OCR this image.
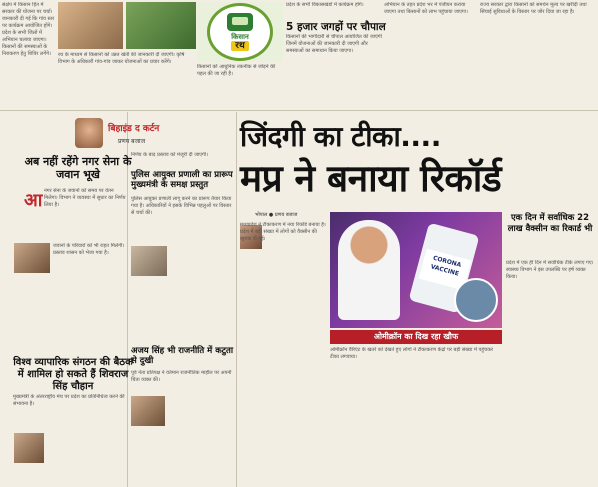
संक्षेप में किसान हित में सरकार की योजना पर चर्चा। जानकारी दी गई कि गांव स्तर पर कार्यक्रम आयोजित होंगे। प्रदेश के सभी जिलों में अभियान चलाया जाएगा। किसानों की समस्याओं के निराकरण हेतु शिविर लगेंगे।	रथ के माध्यम से किसानों को उन्नत खेती की जानकारी दी जाएगी। कृषि विभाग के अधिकारी गांव-गांव जाकर योजनाओं का प्रचार करेंगे।
किसान
रथ
किसानों को आधुनिक तकनीक से जोड़ने की पहल की जा रही है।
प्रदेश के सभी विकासखंडों में कार्यक्रम होंगे।
5 हजार जगहों पर चौपाल
किसानों की भागीदारी से चौपाल आयोजित की जाएंगी जिनमें योजनाओं की जानकारी दी जाएगी और समस्याओं का समाधान किया जाएगा।
अभियान के तहत प्रदेश भर में पंजीयन कराया जाएगा तथा किसानों को लाभ पहुंचाया जाएगा।
राज्य सरकार द्वारा किसानों को समर्थन मूल्य पर खरीदी तथा सिंचाई सुविधाओं के विस्तार पर जोर दिया जा रहा है।
बिहाइंड द कर्टन
प्रणय बजाज
अब नहीं रहेंगे नगर सेना के जवान भूखे
आ नगर सेना के जवानों को समय पर वेतन मिलेगा। विभाग ने व्यवस्था में सुधार का निर्णय लिया है।
जवानों के परिवारों को भी राहत मिलेगी। प्रस्ताव शासन को भेजा गया है।
विश्व व्यापारिक संगठन की बैठक में शामिल हो सकते हैं शिवराज सिंह चौहान
मुख्यमंत्री के अंतरराष्ट्रीय मंच पर प्रदेश का प्रतिनिधित्व करने की संभावना है।
निर्णय के बाद प्रस्ताव को मंजूरी दी जाएगी।
पुलिस आयुक्त प्रणाली का प्रारूप मुख्यमंत्री के समक्ष प्रस्तुत
पुलिस आयुक्त प्रणाली लागू करने का प्रारूप तैयार किया गया है। अधिकारियों ने इसके विभिन्न पहलुओं पर विस्तार से चर्चा की।
अजय सिंह भी राजनीति में कटुता से दुखी
पूर्व नेता प्रतिपक्ष ने वर्तमान राजनीतिक माहौल पर अपनी चिंता व्यक्त की।
जिंदगी का टीका....
मप्र ने बनाया रिकॉर्ड
भोपाल ● प्रणय बजाज
मध्यप्रदेश ने टीकाकरण में नया रिकॉर्ड बनाया है। प्रदेश में बड़ी संख्या में लोगों को वैक्सीन की खुराक दी गई।
CORONA VACCINE
ओमीक्रॉन का दिख रहा खौफ
ओमीक्रॉन वैरिएंट के खतरे को देखते हुए लोगों ने टीकाकरण केंद्रों पर बड़ी संख्या में पहुंचकर टीका लगवाया।
एक दिन में सर्वाधिक 22 लाख वैक्सीन का रिकार्ड भी
प्रदेश में एक ही दिन में सर्वाधिक टीके लगाए गए। स्वास्थ्य विभाग ने इस उपलब्धि पर हर्ष व्यक्त किया।
